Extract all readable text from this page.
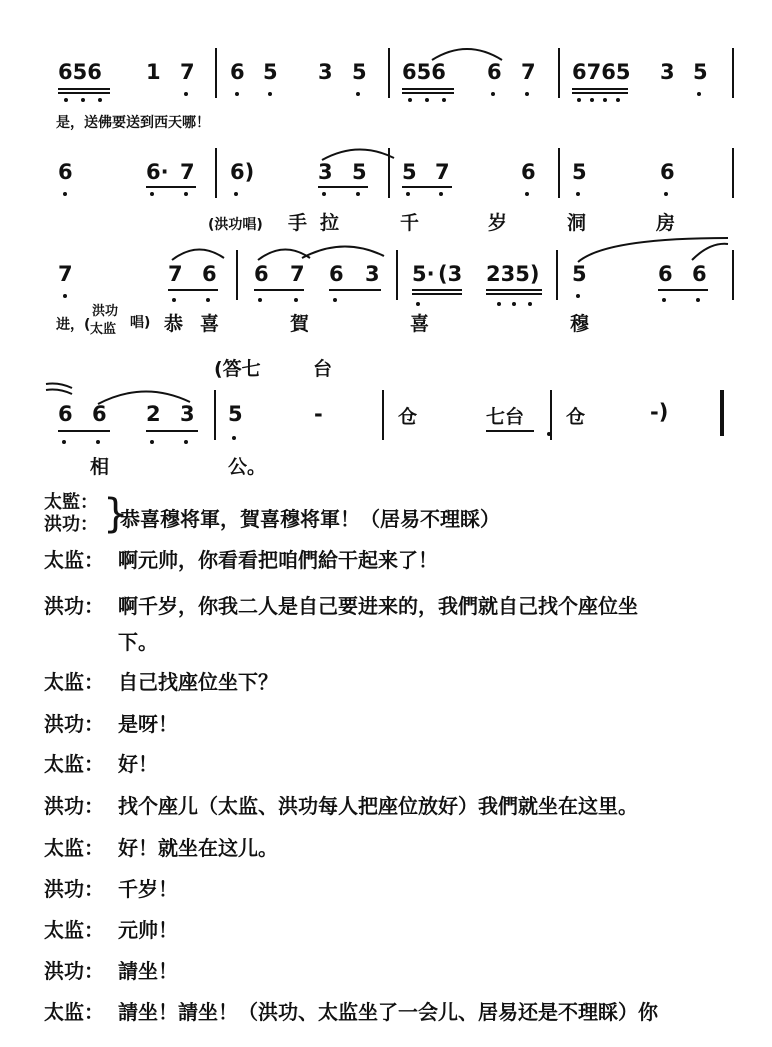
656 1 7 6 5 3 5 656 6 7 6765 3 5
是，送佛要送到西天哪！
6	6· 7 6)	3 5 5 7	6 5	6
(洪功唱) 手 拉	千	岁	洞	房
7	7 6 6 7 6 3 5· (3 235) 5	6 6
进，(
洪功
太监 唱) 恭 喜	賀	喜	穆
(答七	台
6 6 2 3 5	-	仓	七台 仓	-)
相	公。
太監：
洪功： }
恭喜穆将軍，賀喜穆将軍！（居易不理睬）
太监： 啊元帅，你看看把咱們給干起来了！
洪功： 啊千岁，你我二人是自己要进来的，我們就自己找个座位坐
下。
太监： 自己找座位坐下？
洪功： 是呀！
太监： 好！
洪功： 找个座儿（太监、洪功每人把座位放好）我們就坐在这里。
太监： 好！就坐在这儿。
洪功： 千岁！
太监： 元帅！
洪功： 請坐！
太监： 請坐！請坐！（洪功、太监坐了一会儿、居易还是不理睬）你
